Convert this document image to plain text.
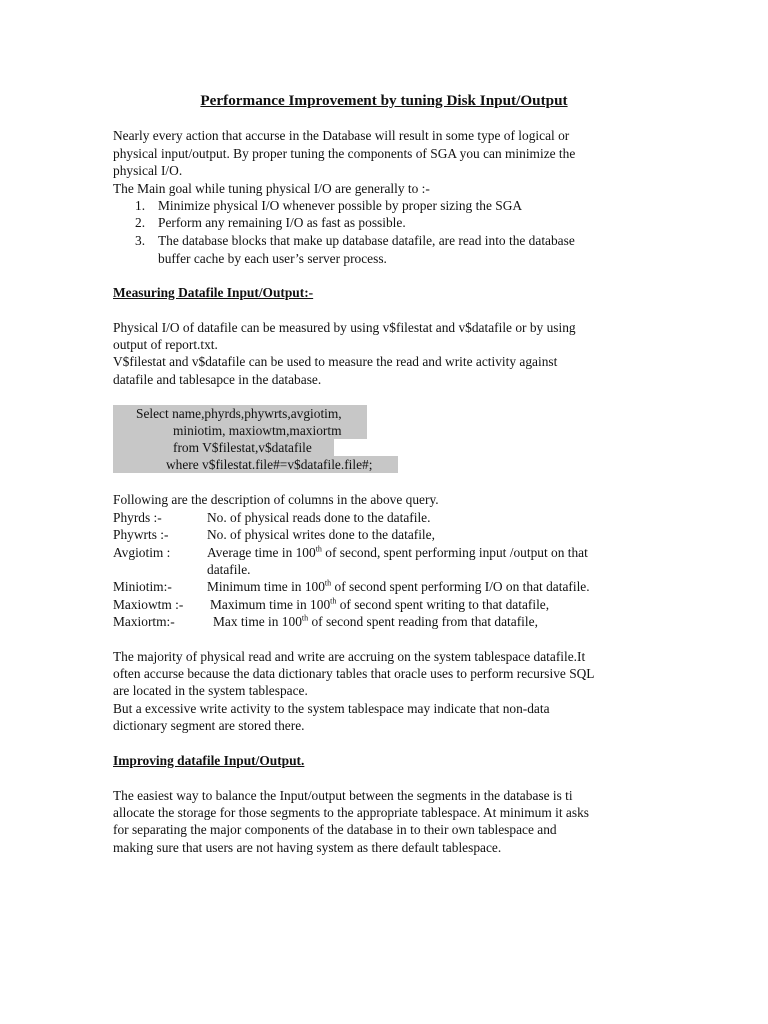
Performance Improvement by tuning Disk Input/Output
Nearly every action that accurse in the Database will result in some type of logical or
physical input/output. By proper tuning the components of SGA you can minimize the
physical I/O.
The Main goal while tuning physical I/O are generally to :-
1. Minimize physical I/O whenever possible by proper sizing the SGA
2. Perform any remaining I/O as fast as possible.
3. The database blocks that make up database datafile, are read into the database
buffer cache by each user’s server process.
Measuring Datafile Input/Output:-
Physical I/O of datafile can be measured by using v$filestat and v$datafile or by using
output of report.txt.
V$filestat and v$datafile can be used to measure the read and write activity against
datafile and tablesapce in the database.
Select name,phyrds,phywrts,avgiotim,
miniotim, maxiowtm,maxiortm
from V$filestat,v$datafile
where v$filestat.file#=v$datafile.file#;
Following are the description of columns in the above query.
Phyrds :-	No. of physical reads done to the datafile.
Phywrts :-	No. of physical writes done to the datafile,
Avgiotim :	Average time in 100th of second, spent performing input /output on that
datafile.
Miniotim:-	Minimum time in 100th of second spent performing I/O on that datafile.
Maxiowtm :- Maximum time in 100th of second spent writing to that datafile,
Maxiortm:-	Max time in 100th of second spent reading from that datafile,
The majority of physical read and write are accruing on the system tablespace datafile.It
often accurse because the data dictionary tables that oracle uses to perform recursive SQL
are located in the system tablespace.
But a excessive write activity to the system tablespace may indicate that non-data
dictionary segment are stored there.
Improving datafile Input/Output.
The easiest way to balance the Input/output between the segments in the database is ti
allocate the storage for those segments to the appropriate tablespace. At minimum it asks
for separating the major components of the database in to their own tablespace and
making sure that users are not having system as there default tablespace.
